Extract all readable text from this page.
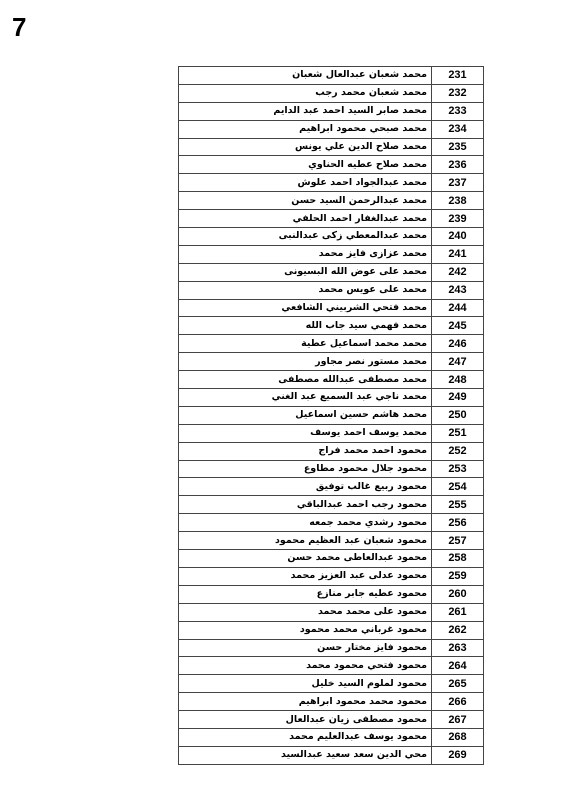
7
محمد شعبان عبدالعال شعبان	231
محمد شعبان محمد رجب	232
محمد صابر السيد احمد عبد الدايم	233
محمد صبحي محمود ابراهيم	234
محمد صلاح الدين علي يونس	235
محمد صلاح عطيه الحناوي	236
محمد عبدالجواد احمد علوش	237
محمد عبدالرحمن السيد حسن	238
محمد عبدالغفار احمد الحلفي	239
محمد عبدالمعطي زكى عبدالنبى	240
محمد عزازى فايز محمد	241
محمد على عوض الله البسيونى	242
محمد على عويس محمد	243
محمد فتحي الشربيني الشافعي	244
محمد فهمي سيد جاب الله	245
محمد محمد اسماعيل عطية	246
محمد مستور نصر مجاور	247
محمد مصطفى عبدالله مصطفى	248
محمد ناجي عبد السميع عبد الغني	249
محمد هاشم حسين اسماعيل	250
محمد يوسف احمد يوسف	251
محمود احمد محمد فراج	252
محمود جلال محمود مطاوع	253
محمود ربيع غالب توفيق	254
محمود رجب احمد عبدالباقي	255
محمود رشدي محمد جمعه	256
محمود شعبان عبد العظيم محمود	257
محمود عبدالعاطى محمد حسن	258
محمود عدلى عبد العزيز محمد	259
محمود عطيه جابر منازع	260
محمود على محمد محمد	261
محمود غرباني محمد محمود	262
محمود فايز مختار حسن	263
محمود فتحي محمود محمد	264
محمود لملوم السيد خليل	265
محمود محمد محمود ابراهيم	266
محمود مصطفى زيان عبدالعال	267
محمود يوسف عبدالعليم محمد	268
محي الدين سعد سعيد عبدالسيد	269
